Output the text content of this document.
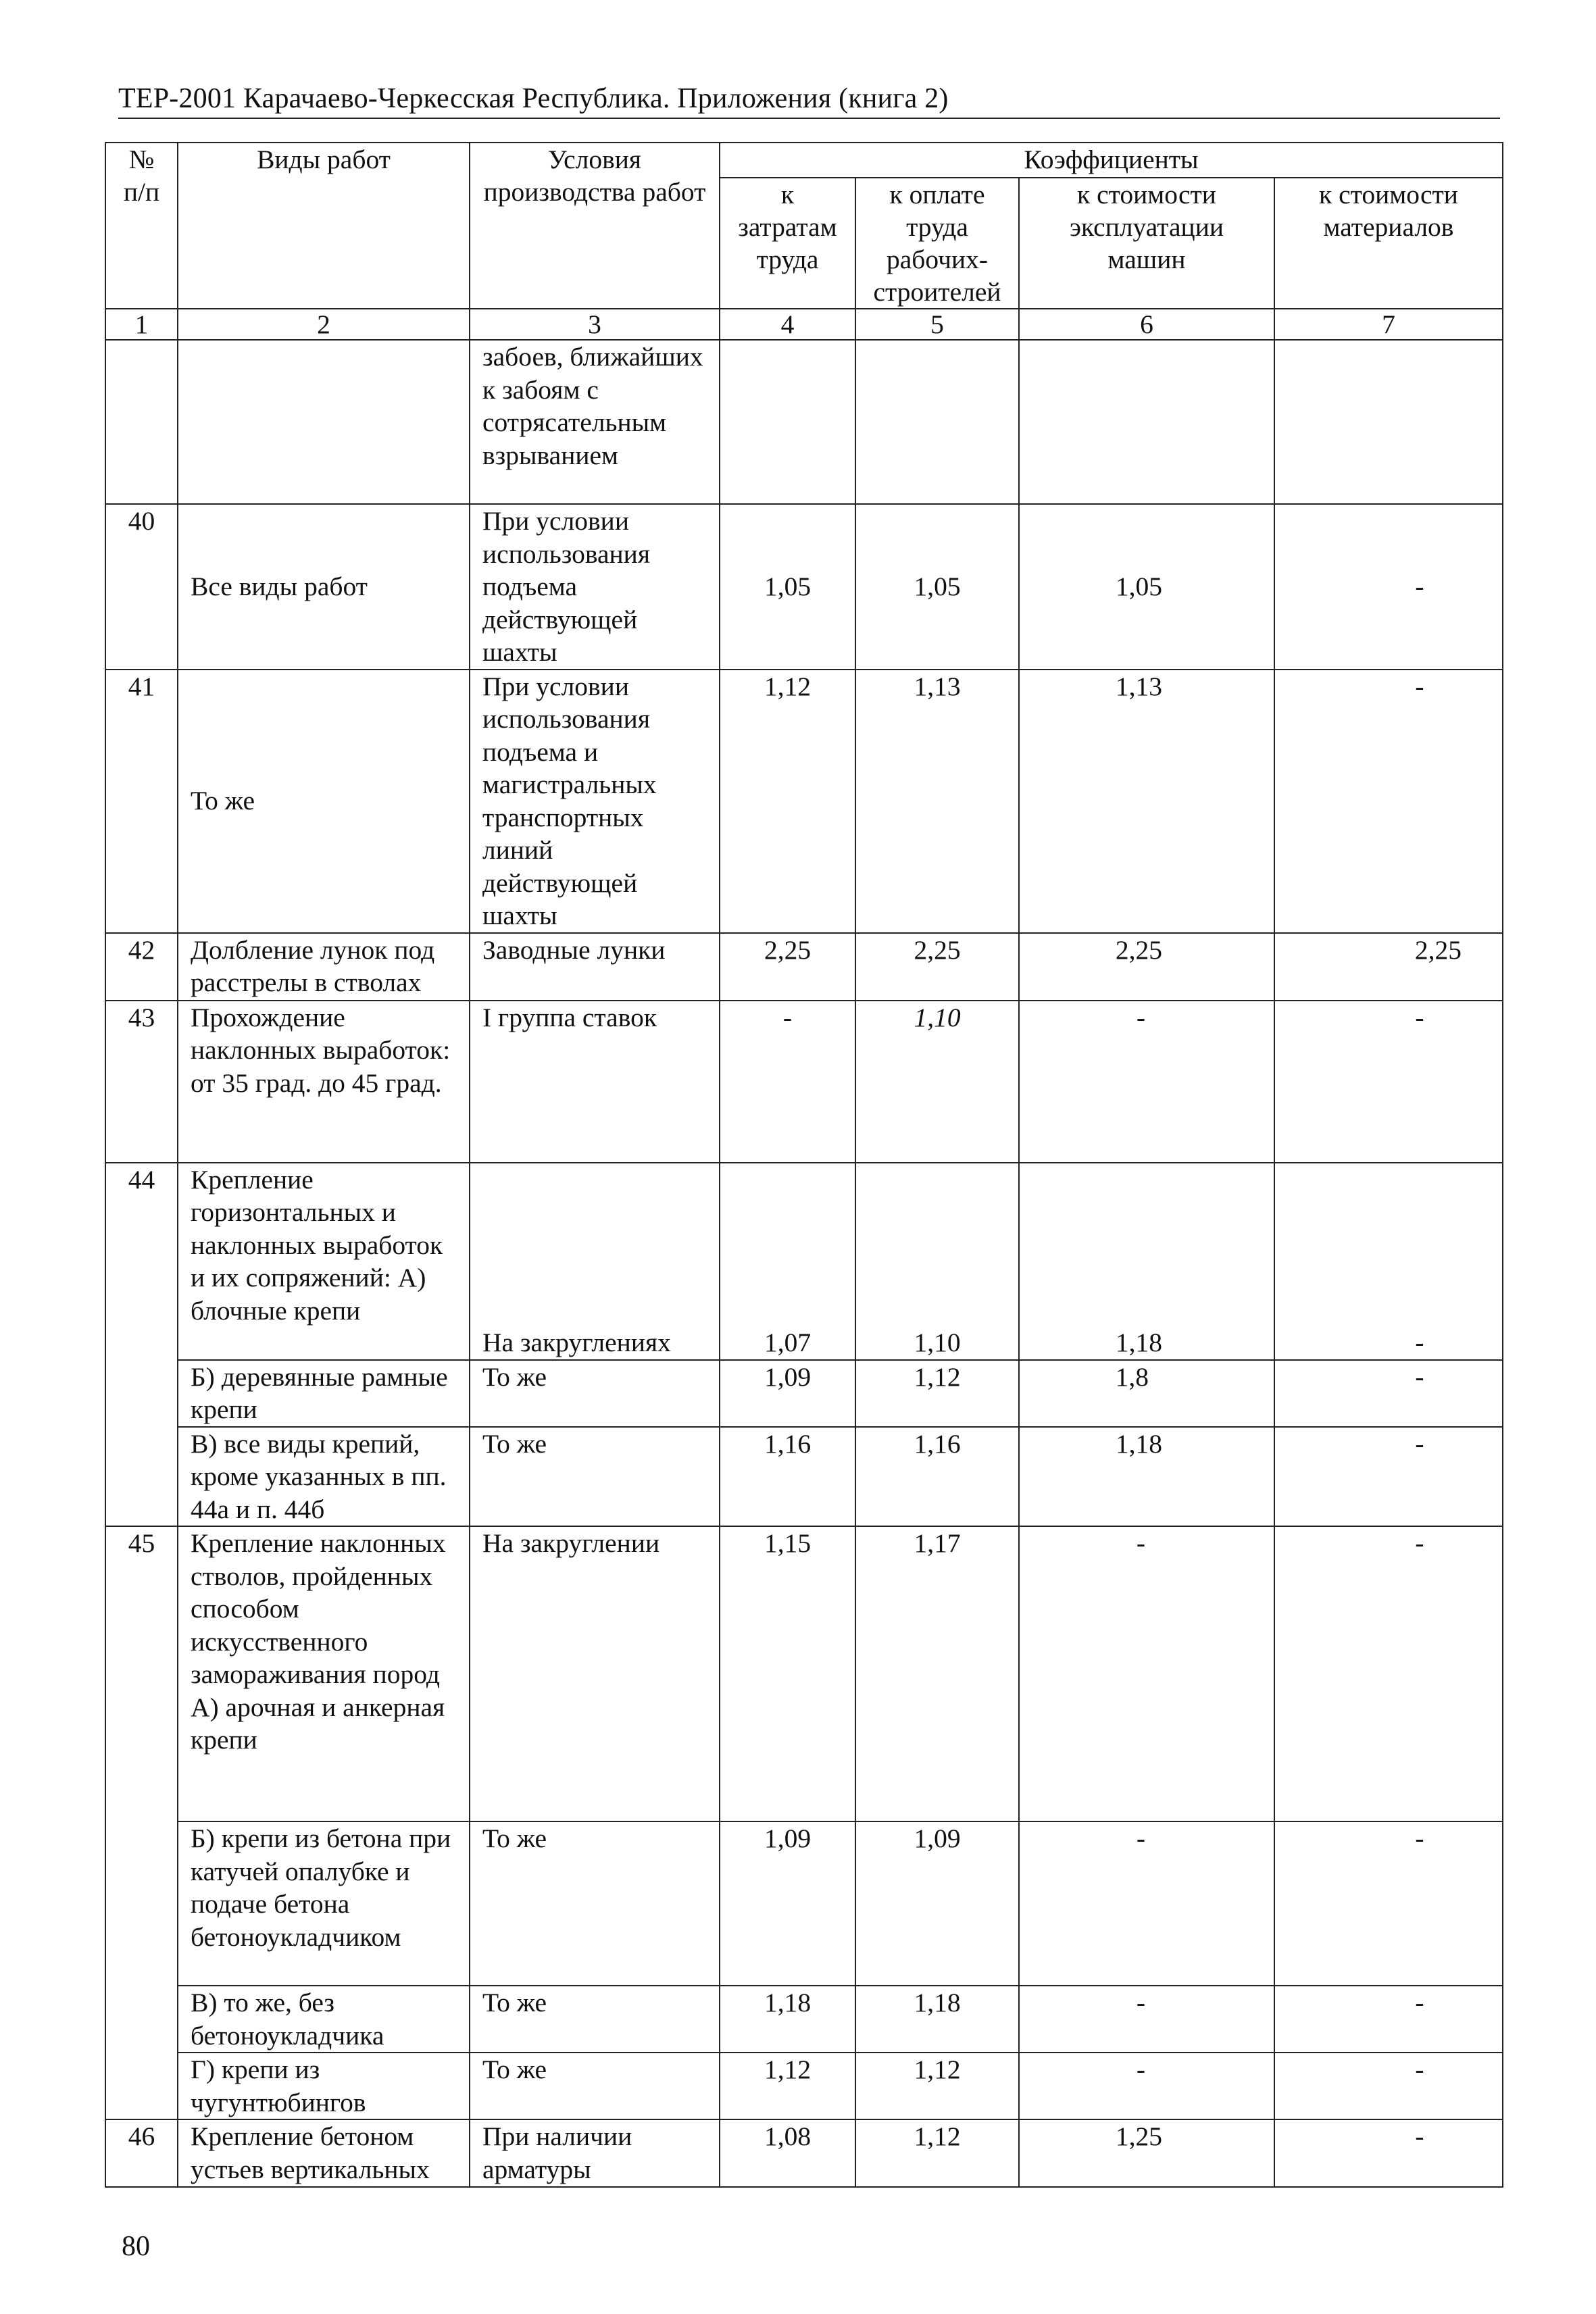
ТЕР-2001 Карачаево-Черкесская Республика. Приложения (книга 2)
№ п/п	Виды работ	Условия производства работ	Коэффициенты			
			к затратам труда	к оплате труда рабочих-строителей	к стоимости эксплуатации машин	к стоимости материалов
1	2	3	4	5	6	7
		забоев, ближайших к забоям с сотрясательным взрыванием				
40	Все виды работ	При условии использования подъема действующей шахты	1,05	1,05	1,05	-
41	То же	При условии использования подъема и магистральных транспортных линий действующей шахты	1,12	1,13	1,13	-
42	Долбление лунок под расстрелы в стволах	Заводные лунки	2,25	2,25	2,25	2,25
43	Прохождение наклонных выработок: от 35 град. до 45 град.	I группа ставок	-	1,10	-	-
44	Крепление горизонтальных и наклонных выработок и их сопряжений: А) блочные крепи	На закруглениях	1,07	1,10	1,18	-
	Б) деревянные рамные крепи	То же	1,09	1,12	1,8	-
	В) все виды крепий, кроме указанных в пп. 44а и п. 44б	То же	1,16	1,16	1,18	-
45	Крепление наклонных стволов, пройденных способом искусственного замораживания пород А) арочная и анкерная крепи	На закруглении	1,15	1,17	-	-
	Б) крепи из бетона при катучей опалубке и подаче бетона бетоноукладчиком	То же	1,09	1,09	-	-
	В) то же, без бетоноукладчика	То же	1,18	1,18	-	-
	Г) крепи из чугунтюбингов	То же	1,12	1,12	-	-
46	Крепление бетоном устьев вертикальных	При наличии арматуры	1,08	1,12	1,25	-
80
